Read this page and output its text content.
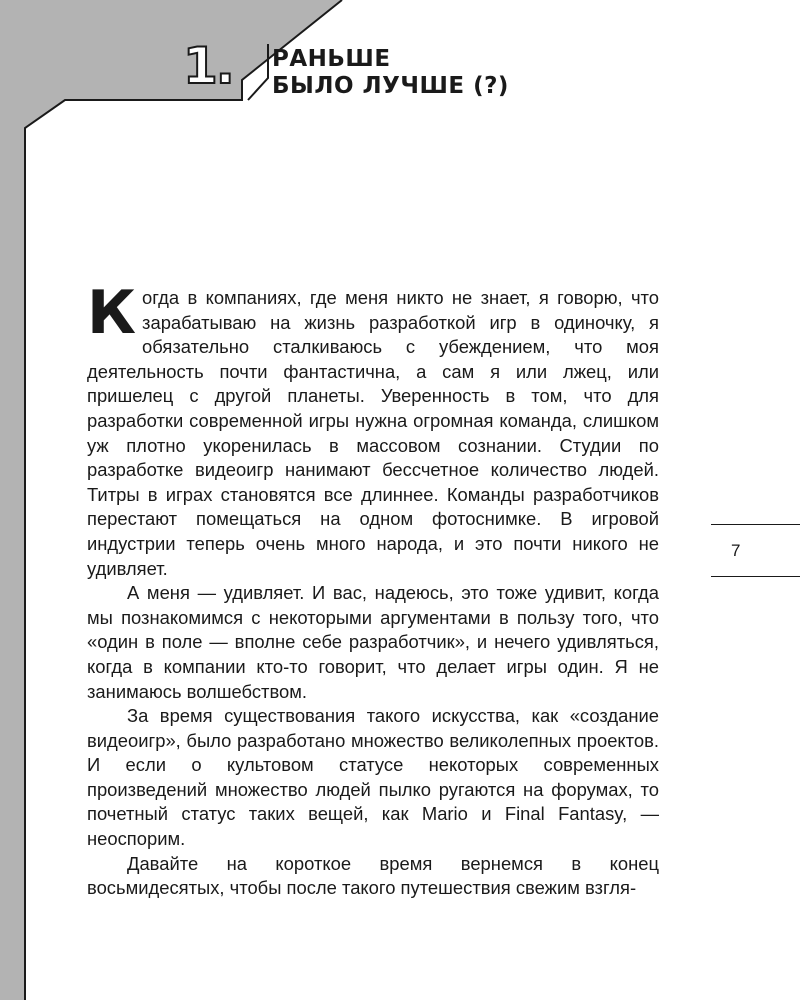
1.	РАНЬШЕ
БЫЛО ЛУЧШЕ (?)

Когда в компаниях, где меня никто не знает, я говорю, что зарабатываю на жизнь разработкой игр в одиночку, я обязательно сталкиваюсь с убеждением, что моя деятельность почти фантастична, а сам я или лжец, или пришелец с другой планеты. Уверенность в том, что для разработки современной игры нужна огромная команда, слишком уж плотно укоренилась в массовом сознании. Студии по разработке видеоигр нанимают бессчетное количество людей. Титры в играх становятся все длиннее. Команды разработчиков перестают помещаться на одном фотоснимке. В игровой индустрии теперь очень много народа, и это почти никого не удивляет.

А меня — удивляет. И вас, надеюсь, это тоже удивит, когда мы познакомимся с некоторыми аргументами в пользу того, что «один в поле — вполне себе разработчик», и нечего удивляться, когда в компании кто-то говорит, что делает игры один. Я не занимаюсь волшебством.

За время существования такого искусства, как «создание видеоигр», было разработано множество великолепных проектов. И если о культовом статусе некоторых современных произведений множество людей пылко ругаются на форумах, то почетный статус таких вещей, как Mario и Final Fantasy, — неоспорим.

Давайте на короткое время вернемся в конец восьмидесятых, чтобы после такого путешествия свежим взгля-

7
